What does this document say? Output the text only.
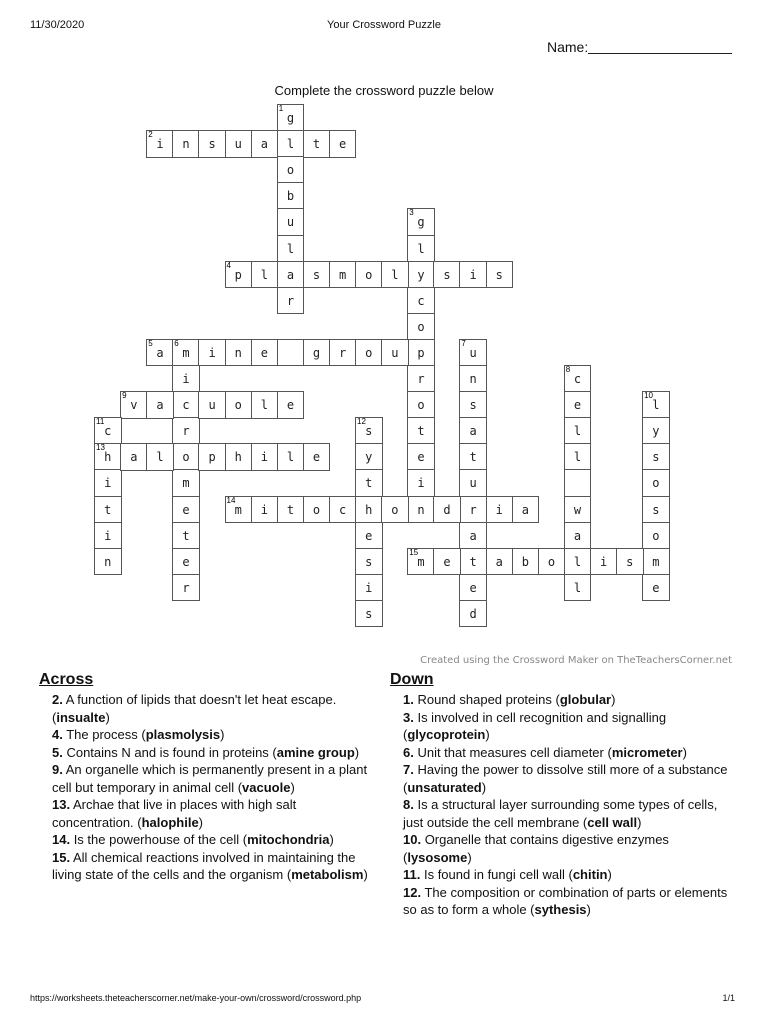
11/30/2020	Your Crossword Puzzle
Name:
Complete the crossword puzzle below
g
1
l
o
b
u
l
a
r
i
2
n	s	u	a	t	e
g
3
l
y
c
o
p
r
o
t
e
i
n
p
4
l	s	m	o	l	s	i	s
a
5
m
6
i	n	e	g	r	o	u
i
c
r
o
m
e
t
e
r
u
7
n
s
a
t
u
r
a
t
e
d
c
8
e
l
l
w
a
l
l
v
9
a	u	o	l	e	l
10
y
s
o
s
o
m
e
c
11
h
13
i
t
i
n
s
12
y
t
h
e
s
i
s
a	l	p	h	i	l	e
m
14
i	t	o	c	o	d	i	a
m
15
e	a	b	o	i	s
Created using the Crossword Maker on TheTeachersCorner.net
Across
2. A function of lipids that doesn't let heat escape. (insualte)
4. The process (plasmolysis)
5. Contains N and is found in proteins (amine group)
9. An organelle which is permanently present in a plant cell but temporary in animal cell (vacuole)
13. Archae that live in places with high salt concentration. (halophile)
14. Is the powerhouse of the cell (mitochondria)
15. All chemical reactions involved in maintaining the living state of the cells and the organism (metabolism)
Down
1. Round shaped proteins (globular)
3. Is involved in cell recognition and signalling (glycoprotein)
6. Unit that measures cell diameter (micrometer)
7. Having the power to dissolve still more of a substance (unsaturated)
8. Is a structural layer surrounding some types of cells, just outside the cell membrane (cell wall)
10. Organelle that contains digestive enzymes (lysosome)
11. Is found in fungi cell wall (chitin)
12. The composition or combination of parts or elements so as to form a whole (sythesis)
https://worksheets.theteacherscorner.net/make-your-own/crossword/crossword.php	1/1
